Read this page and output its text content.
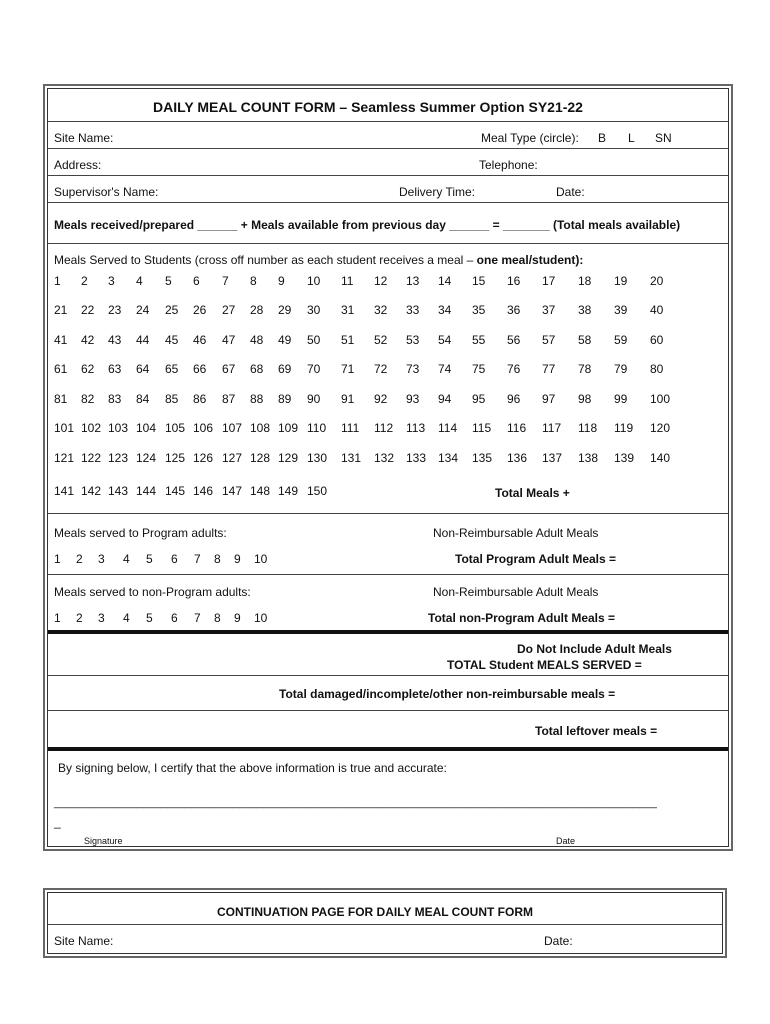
DAILY MEAL COUNT FORM – Seamless Summer Option SY21-22
Site Name:	Meal Type (circle): B L SN
Address:	Telephone:
Supervisor's Name:	Delivery Time:	Date:
Meals received/prepared ______ + Meals available from previous day ______ = _______ (Total meals available)
Meals Served to Students (cross off number as each student receives a meal – one meal/student):
1 2 3 4 5 6 7 8 9 10 11 12 13 14 15 16 17 18 19 20
21 22 23 24 25 26 27 28 29 30 31 32 33 34 35 36 37 38 39 40
41 42 43 44 45 46 47 48 49 50 51 52 53 54 55 56 57 58 59 60
61 62 63 64 65 66 67 68 69 70 71 72 73 74 75 76 77 78 79 80
81 82 83 84 85 86 87 88 89 90 91 92 93 94 95 96 97 98 99 100
101 102 103 104 105 106 107 108 109 110 111 112 113 114 115 116 117 118 119 120
121 122 123 124 125 126 127 128 129 130 131 132 133 134 135 136 137 138 139 140
141 142 143 144 145 146 147 148 149 150	Total Meals +
Meals served to Program adults:	Non-Reimbursable Adult Meals
1 2 3 4 5 6 7 8 9 10	Total Program Adult Meals =
Meals served to non-Program adults:	Non-Reimbursable Adult Meals
1 2 3 4 5 6 7 8 9 10	Total non-Program Adult Meals =
Do Not Include Adult Meals
TOTAL Student MEALS SERVED =
Total damaged/incomplete/other non-reimbursable meals =
Total leftover meals =
By signing below, I certify that the above information is true and accurate:
_____________________________________________________________________________________________________
_
Signature	Date
CONTINUATION PAGE FOR DAILY MEAL COUNT FORM
Site Name:	Date:
